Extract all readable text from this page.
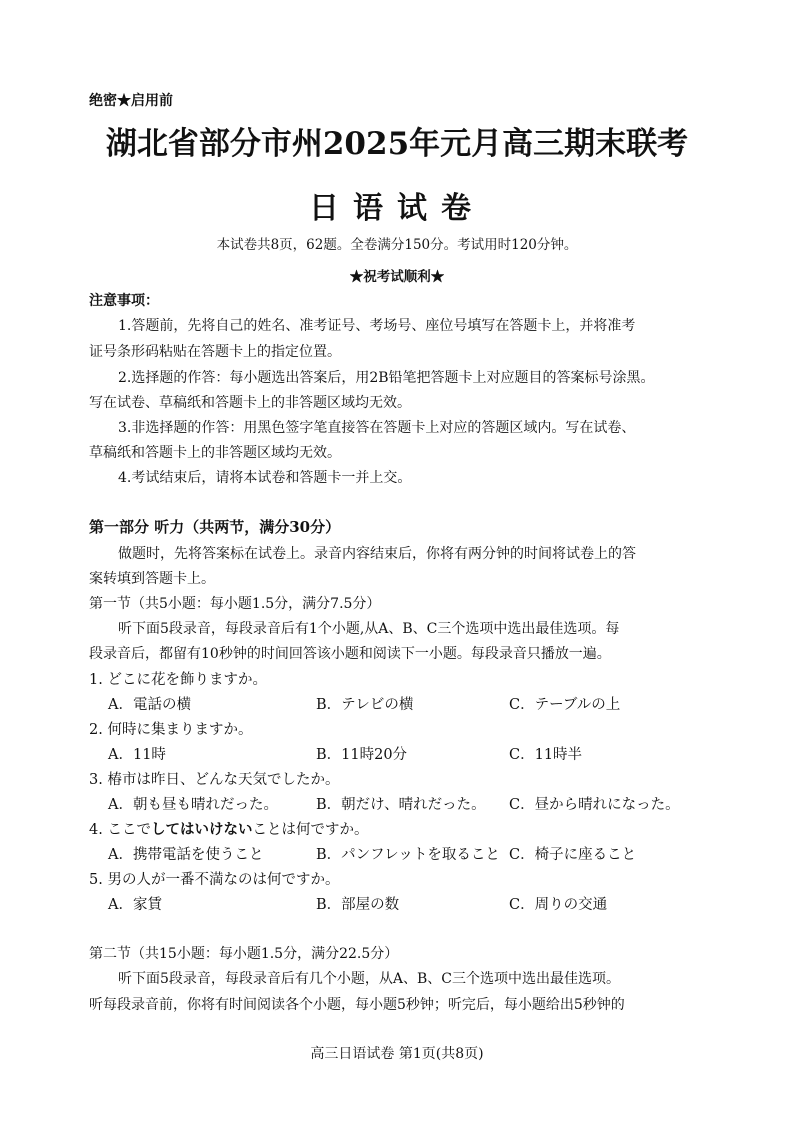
绝密★启用前
湖北省部分市州2025年元月高三期末联考
日语试卷
本试卷共8页，62题。全卷满分150分。考试用时120分钟。
★祝考试顺利★
注意事项：
1.答题前，先将自己的姓名、准考证号、考场号、座位号填写在答题卡上，并将准考
证号条形码粘贴在答题卡上的指定位置。
2.选择题的作答：每小题选出答案后，用2B铅笔把答题卡上对应题目的答案标号涂黑。
写在试卷、草稿纸和答题卡上的非答题区域均无效。
3.非选择题的作答：用黑色签字笔直接答在答题卡上对应的答题区域内。写在试卷、
草稿纸和答题卡上的非答题区域均无效。
4.考试结束后，请将本试卷和答题卡一并上交。
第一部分 听力（共两节，满分30分）
做题时，先将答案标在试卷上。录音内容结束后，你将有两分钟的时间将试卷上的答
案转填到答题卡上。
第一节（共5小题：每小题1.5分，满分7.5分）
听下面5段录音，每段录音后有1个小题,从A、B、C三个选项中选出最佳选项。每
段录音后，都留有10秒钟的时间回答该小题和阅读下一小题。每段录音只播放一遍。
1. どこに花を飾りますか。
A．電話の横	B．テレビの横	C．テーブルの上
2. 何時に集まりますか。
A．11時	B．11時20分	C．11時半
3. 椿市は昨日、どんな天気でしたか。
A．朝も昼も晴れだった。	B．朝だけ、晴れだった。 C．昼から晴れになった。
4. ここでしてはいけないことは何ですか。
A．携帯電話を使うこと	B．パンフレットを取ること C．椅子に座ること
5. 男の人が一番不満なのは何ですか。
A．家賃	B．部屋の数	C．周りの交通
第二节（共15小题：每小题1.5分，满分22.5分）
听下面5段录音，每段录音后有几个小题，从A、B、C三个选项中选出最佳选项。
听每段录音前，你将有时间阅读各个小题，每小题5秒钟；听完后，每小题给出5秒钟的
高三日语试卷 第1页(共8页)
